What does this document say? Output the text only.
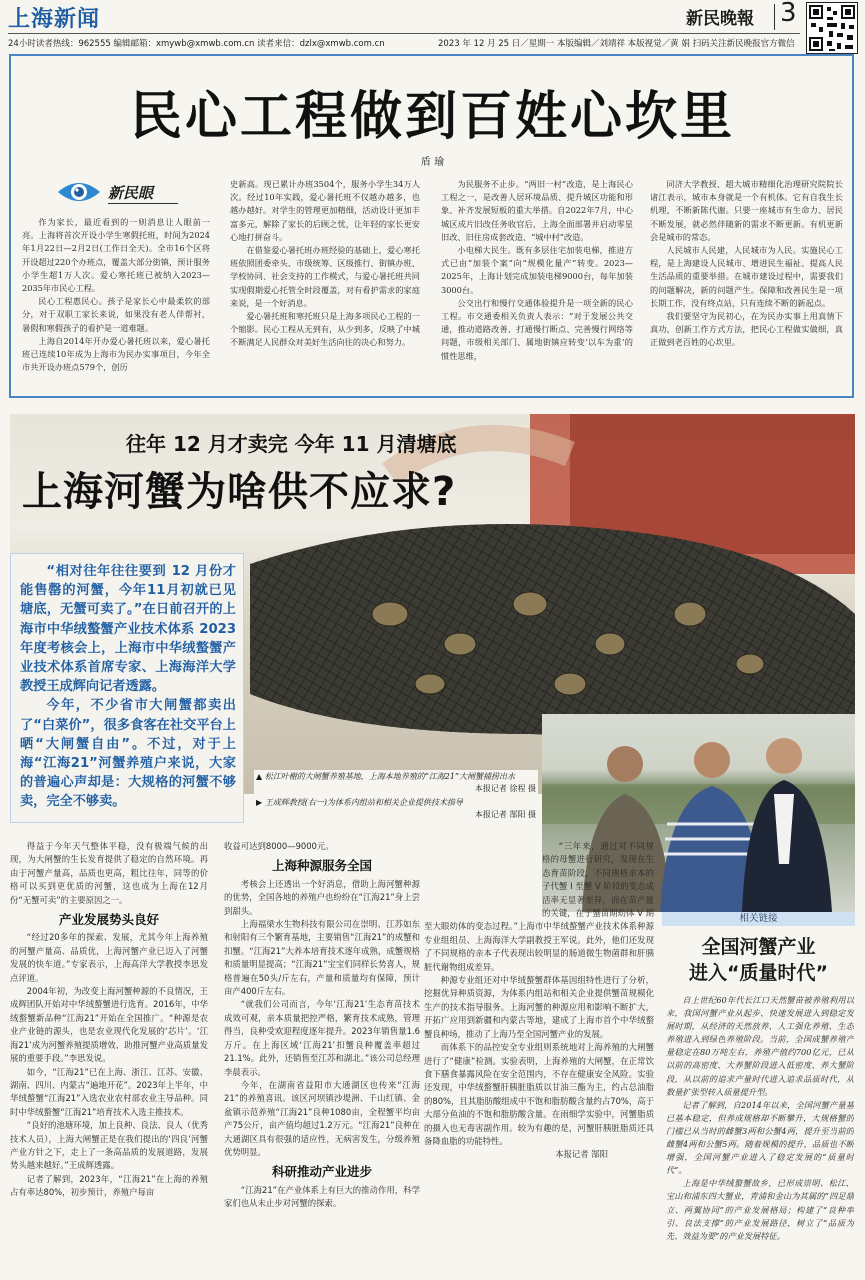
上海新闻	新民晚報 3
24小时读者热线：962555 编辑邮箱：xmywb@xmwb.com.cn 读者来信：dzlx@xmwb.com.cn	2023 年 12 月 25 日／星期一 本版编辑／刘靖祥 本版视觉／黄 娟 扫码关注新民晚报官方微信
民心工程做到百姓心坎里
盾 瑜
新民眼

作为家长，最近看到的一则消息让人眼前一亮。上海将首次开设小学生寒假托班，时间为2024年1月22日—2月2日(工作日全天)。全市16个区将开设超过220个办班点，覆盖大部分街镇，预计服务小学生超1万人次。爱心寒托班已被纳入2023—2035年市民心工程。

民心工程惠民心。孩子是家长心中最柔软的部分，对于双职工家长来说，如果没有老人伴帮衬，暑假和寒假孩子的看护是一道难题。

上海自2014年开办爱心暑托班以来，爱心暑托班已连续10年成为上海市为民办实事项目，今年全市共开设办班点579个，创历

史新高。现已累计办班3504个，服务小学生34万人次。经过10年实践，爱心暑托班不仅越办越多，也越办越好。对学生的管理更加精细，活动设计更加丰富多元，解除了家长的后顾之忧，让年轻的家长更安心地打拼奋斗。

在借鉴爱心暑托班办班经验的基础上，爱心寒托班依照团委牵头、市级统筹、区级推行、街镇办班、学校协同、社会支持的工作模式，与爱心暑托班共同实现假期爱心托管全时段覆盖，对有看护需求的家庭来说，是一个好消息。

爱心暑托班和寒托班只是上海多项民心工程的一个缩影。民心工程从无到有，从少到多，反映了中城不断满足人民群众对美好生活向往的决心和努力。

为民服务不止步。“两旧一村”改造，是上海民心工程之一，是改善人居环境品质、提升城区功能和形象、补齐发展短板的重大举措。自2022年7月，中心城区成片旧改任务收官后，上海全面部署并启动零星旧改、旧住房成套改造、“城中村”改造。

小电梯大民生。既有多层住宅加装电梯，推进方式已由“加装个案”向“规模化量产”转变。2023—2025年，上海计划完成加装电梯9000台，每年加装3000台。

公交出行和慢行交通体验提升是一项全新的民心工程。市交通委相关负责人表示：“对于发展公共交通，推动道路改善、打通慢行断点、完善慢行网络等问题，市级相关部门、属地街镇应转变‘以车为重’的惯性思维，

同济大学教授、超大城市精细化治理研究院院长诸江表示，城市本身就是一个有机体。它有自我生长机理，不断新陈代谢。只要一座城市有生命力、居民不断发展，就必然伴随新的需求不断更新。有机更新会是城市的常态。

人民城市人民建，人民城市为人民。实施民心工程，是上海建设人民城市、增进民生福祉、提高人民生活品质的重要举措。在城市建设过程中，需要我们的问题解决，新的问题产生。保障和改善民生是一项长期工作，没有终点站，只有连续不断的新起点。

我们要坚守为民初心，在为民办实事上用真情下真功，创新工作方式方法，把民心工程做实做细，真正做到老百姓的心坎里。

往年 12 月才卖完 今年 11 月清塘底
上海河蟹为啥供不应求?

“相对往年往往要到 12 月份才能售罄的河蟹，今年11月初就已见塘底，无蟹可卖了。”在日前召开的上海市中华绒螯蟹产业技术体系 2023 年度考核会上，上海市中华绒螯蟹产业技术体系首席专家、上海海洋大学教授王成辉向记者透露。

今年，不少省市大闸蟹都卖出了“白菜价”，很多食客在社交平台上晒“大闸蟹自由”。不过，对于上海“江海21”河蟹养殖户来说，大家的普遍心声却是：大规格的河蟹不够卖，完全不够卖。

▲ 松江叶榭的大闸蟹养殖基地，上海本地养殖的“江海21”大闸蟹捕捞出水
本报记者 徐程 摄
▶ 王成辉教授(右一)为体系内组站和相关企业提供技术指导
本报记者 郜阳 摄

得益于今年天气整体平稳，没有极端气候的出现，为大闸蟹的生长发育提供了稳定的自然环境。再由于河蟹产量高，品质也更高，粗比往年，同等的价格可以买到更优质的河蟹，这也成为上海在12月份“无蟹可卖”的主要原因之一。

产业发展势头良好

“经过20多年的探索、发展，尤其今年上海养殖的河蟹产量高、品质优，上海河蟹产业已迈入了河蟹发展的快车道。”专家表示，上海高洋大学教授李思发点评道。

2004年初，为改变上海河蟹种源的不良情况，王成辉团队开始对中华绒螯蟹进行选育。2016年，中华绒螯蟹新品种“江海21”开始在全国推广。“种源是农业产业链的源头，也是农业现代化发展的‘芯片’。‘江海21’成为河蟹养殖提质增效、助推河蟹产业高质量发展的重要手段。”李思发说。

如今，“江海21”已在上海、浙江、江苏、安徽、湖南、四川、内蒙古“遍地开花”。2023年上半年，中华绒螯蟹“江海21”入选农业农村部农业主导品种。同时中华绒螯蟹“江海21”培育技术入选主推技术。

“良好的池塘环境，加上良种、良法、良人（优秀技术人员），上海大闸蟹正是在我们提出的‘四良’河蟹产业方针之下，走上了一条高品质的发展道路，发展势头越来越好。”王成辉透露。

记者了解到，2023年，“江海21”在上海的养殖占有率达80%，初步预计，养殖户每亩

收益可达到8000—9000元。

上海种源服务全国

考核会上还透出一个好消息，借助上海河蟹种源的优势，全国各地的养殖户也纷纷在“江海21”身上尝到甜头。

上海福梁水生物科技有限公司在崇明、江苏如东和射阳有三个繁育基地，主要销售“江海21”的成蟹和扣蟹。“江海21”大养本培育技术逐年成熟，成蟹规格和质量明显提高；“江海21”宝宝们同样长势喜人，规格普遍在50头/斤左右，产量和质量均有保障，预计亩产400斤左右。

“就我们公司而言，今年‘江海21’生态育苗技术成效可观，亲本质量把控严格，繁育技术成熟，管理得当，良种受欢迎程度逐年提升。2023年销售量1.6万斤。在上海区域‘江海21’扣蟹良种覆盖率超过21.1%。此外，还销售至江苏和湖北。”该公司总经理李晨表示。

今年，在湖南省益阳市大通湖区也传来“江海21”的养殖喜讯。该区河坝镇沙堤洲、千山红镇、金盆镇示范养殖“江海21”良种1080亩，全程蟹平均亩产75公斤，亩产值均超过1.2万元。“江海21”良种在大通湖区具有很强的适应性，无病害发生，分级养殖优势明显。

科研推动产业进步

“江海21”在产业体系上有巨大的推动作用，科学家们也从未止步对河蟹的探索。

“三年来，通过对不同规格的母蟹进行研究，发现在生态育苗阶段，不同规格亲本的子代蟹 I 至蟹 V 阶段的变态成活率无显著差异，而在苗产量的关键，在于蟹苗期幼体 V 期至大眼幼体的变态过程。”上海市中华绒螯蟹产业技术体系种源专业组组员、上海海洋大学副教授王军说。此外，他们还发现了不同规格的亲本子代表现出较明显的肠道微生物菌群和肝胰脏代谢物组成差异。

种源专业组还对中华绒螯蟹群体基因组特性进行了分析，挖掘优异种质资源，为体系内组站和相关企业提供蟹苗规模化生产的技术指导服务。上海河蟹的种源应用和影响不断扩大，开拓广应用到新疆和内蒙古等地，建成了上海市首个中华绒螯蟹良种场，推动了上海乃至全国河蟹产业的发展。

而体系下的品控安全专业组则系统地对上海养殖的大闸蟹进行了“健康”检测。实验表明，上海养殖的大闸蟹，在正常饮食下膳食暴露风险在安全范围内，不存在健康安全风险。实验还发现，中华绒螯蟹肝胰脏脂质以甘油三酯为主，约占总油脂的80%，且其脂肪酸组成中不饱和脂肪酸含量约占70%，高于大部分鱼油的不饱和脂肪酸含量。在雨细学实验中，河蟹脂质的摄入也无毒害副作用。较为有趣的是，河蟹肝胰脏脂质还具备降血脂的功能特性。

本报记者 郜阳
相关链接
全国河蟹产业
进入“质量时代”

自上世纪60年代长江口天然蟹苗被养殖利用以来，我国河蟹产业从起步、快速发展进入到稳定发展时期，从经济的天然放养、人工强化养殖、生态养殖进入到绿色养殖阶段。当前，全国成蟹养殖产量稳定在80万吨左右，养殖产值约700亿元，已从以前的高密度、大养蟹阶段进入低密度、养大蟹阶段，从以前的追求产量时代进入追求品质时代，从数量扩张型转入质量提升型。

记者了解到，自2014年以来，全国河蟹产量基已基本稳定，但养成规格却不断攀升，大规格蟹的门槛已从当时的雌蟹3两和公蟹4两，提升至当前的雌蟹4两和公蟹5两。随着规模的提升，品质也不断增强，全国河蟹产业进入了稳定发展的“质量时代”。

上海是中华绒螯蟹故乡，已形成崇明、松江、宝山和浦东四大蟹业，青浦和金山为其属的“四足鼎立、两翼协同”的产业发展格局；构建了“良种率引、良法支撑”的产业发展路径，树立了“品质为先、效益为要”的产业发展特征。
